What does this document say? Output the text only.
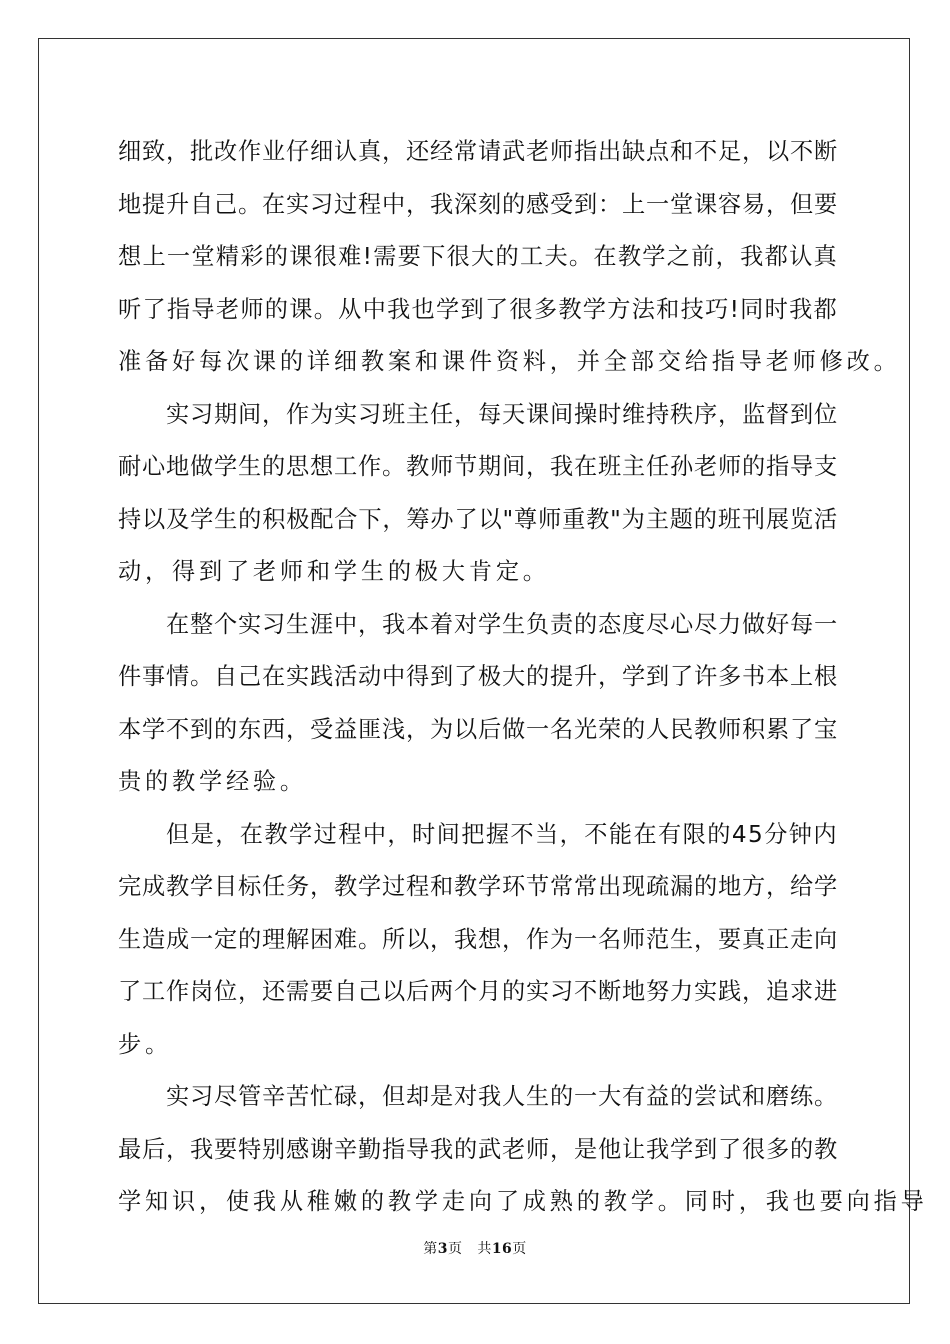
细致，批改作业仔细认真，还经常请武老师指出缺点和不足，以不断
地提升自己。在实习过程中，我深刻的感受到：上一堂课容易，但要
想上一堂精彩的课很难!需要下很大的工夫。在教学之前，我都认真
听了指导老师的课。从中我也学到了很多教学方法和技巧!同时我都
准备好每次课的详细教案和课件资料，并全部交给指导老师修改。
实习期间，作为实习班主任，每天课间操时维持秩序，监督到位
耐心地做学生的思想工作。教师节期间，我在班主任孙老师的指导支
持以及学生的积极配合下，筹办了以"尊师重教"为主题的班刊展览活
动，得到了老师和学生的极大肯定。
在整个实习生涯中，我本着对学生负责的态度尽心尽力做好每一
件事情。自己在实践活动中得到了极大的提升，学到了许多书本上根
本学不到的东西，受益匪浅，为以后做一名光荣的人民教师积累了宝
贵的教学经验。
但是，在教学过程中，时间把握不当，不能在有限的45分钟内
完成教学目标任务，教学过程和教学环节常常出现疏漏的地方，给学
生造成一定的理解困难。所以，我想，作为一名师范生，要真正走向
了工作岗位，还需要自己以后两个月的实习不断地努力实践，追求进
步。
实习尽管辛苦忙碌，但却是对我人生的一大有益的尝试和磨练。
最后，我要特别感谢辛勤指导我的武老师，是他让我学到了很多的教
学知识，使我从稚嫩的教学走向了成熟的教学。同时，我也要向指导
第3页 共16页
